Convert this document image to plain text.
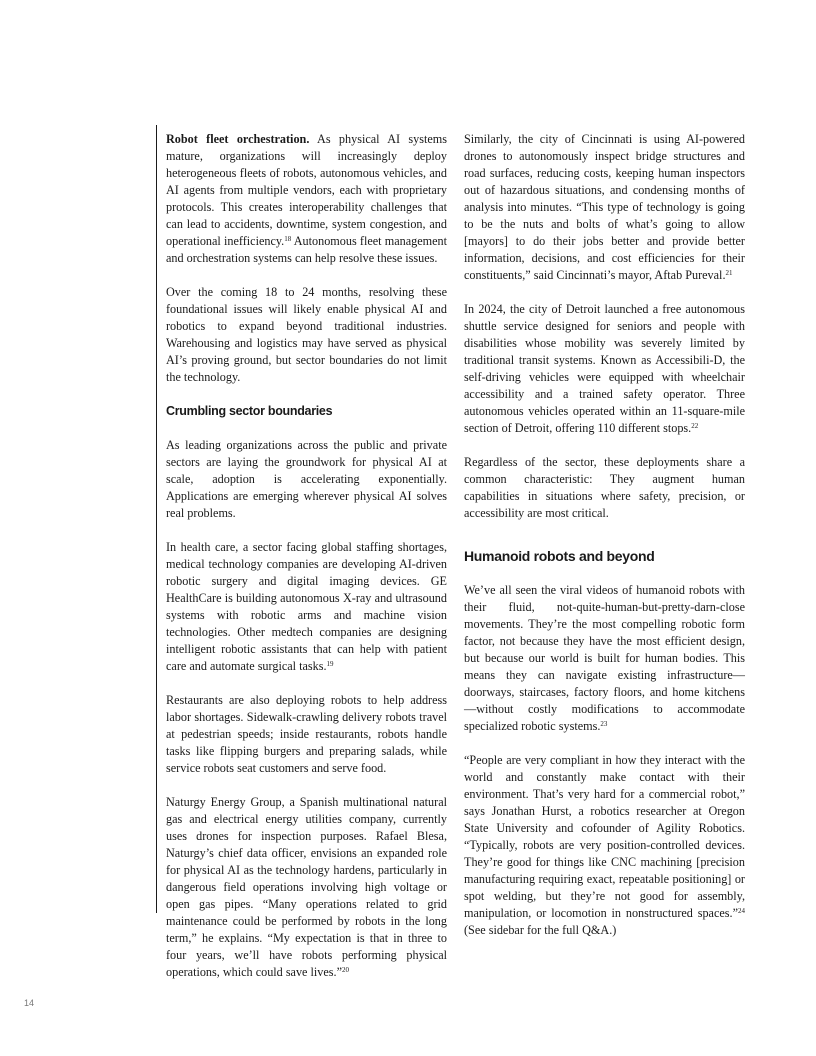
Robot fleet orchestration. As physical AI systems mature, organizations will increasingly deploy heterogeneous fleets of robots, autonomous vehicles, and AI agents from multiple vendors, each with proprietary protocols. This creates interoperability challenges that can lead to accidents, downtime, system congestion, and operational inefficiency.$^{18}$ Autonomous fleet management and orchestration systems can help resolve these issues.

Over the coming 18 to 24 months, resolving these foundational issues will likely enable physical AI and robotics to expand beyond traditional industries. Warehousing and logistics may have served as physical AI’s proving ground, but sector boundaries do not limit the technology.

Crumbling sector boundaries

As leading organizations across the public and private sectors are laying the groundwork for physical AI at scale, adoption is accelerating exponentially. Applications are emerging wherever physical AI solves real problems.

In health care, a sector facing global staffing shortages, medical technology companies are developing AI-driven robotic surgery and digital imaging devices. GE HealthCare is building autonomous X-ray and ultrasound systems with robotic arms and machine vision technologies. Other medtech companies are designing intelligent robotic assistants that can help with patient care and automate surgical tasks.$^{19}$

Restaurants are also deploying robots to help address labor shortages. Sidewalk-crawling delivery robots travel at pedestrian speeds; inside restaurants, robots handle tasks like flipping burgers and preparing salads, while service robots seat customers and serve food.

Naturgy Energy Group, a Spanish multinational natural gas and electrical energy utilities company, currently uses drones for inspection purposes. Rafael Blesa, Naturgy’s chief data officer, envisions an expanded role for physical AI as the technology hardens, particularly in dangerous field operations involving high voltage or open gas pipes. “Many operations related to grid maintenance could be performed by robots in the long term,” he explains. “My expectation is that in three to four years, we’ll have robots performing physical operations, which could save lives.”$^{20}$

Similarly, the city of Cincinnati is using AI-powered drones to autonomously inspect bridge structures and road surfaces, reducing costs, keeping human inspectors out of hazardous situations, and condensing months of analysis into minutes. “This type of technology is going to be the nuts and bolts of what’s going to allow [mayors] to do their jobs better and provide better information, decisions, and cost efficiencies for their constituents,” said Cincinnati’s mayor, Aftab Pureval.$^{21}$

In 2024, the city of Detroit launched a free autonomous shuttle service designed for seniors and people with disabilities whose mobility was severely limited by traditional transit systems. Known as Accessibili-D, the self-driving vehicles were equipped with wheelchair accessibility and a trained safety operator. Three autonomous vehicles operated within an 11-square-mile section of Detroit, offering 110 different stops.$^{22}$

Regardless of the sector, these deployments share a common characteristic: They augment human capabilities in situations where safety, precision, or accessibility are most critical.

Humanoid robots and beyond

We’ve all seen the viral videos of humanoid robots with their fluid, not-quite-human-but-pretty-darn-close movements. They’re the most compelling robotic form factor, not because they have the most efficient design, but because our world is built for human bodies. This means they can navigate existing infrastructure—doorways, staircases, factory floors, and home kitchens—without costly modifications to accommodate specialized robotic systems.$^{23}$

“People are very compliant in how they interact with the world and constantly make contact with their environment. That’s very hard for a commercial robot,” says Jonathan Hurst, a robotics researcher at Oregon State University and cofounder of Agility Robotics. “Typically, robots are very position-controlled devices. They’re good for things like CNC machining [precision manufacturing requiring exact, repeatable positioning] or spot welding, but they’re not good for assembly, manipulation, or locomotion in nonstructured spaces.”$^{24}$ (See sidebar for the full Q&A.)

14
